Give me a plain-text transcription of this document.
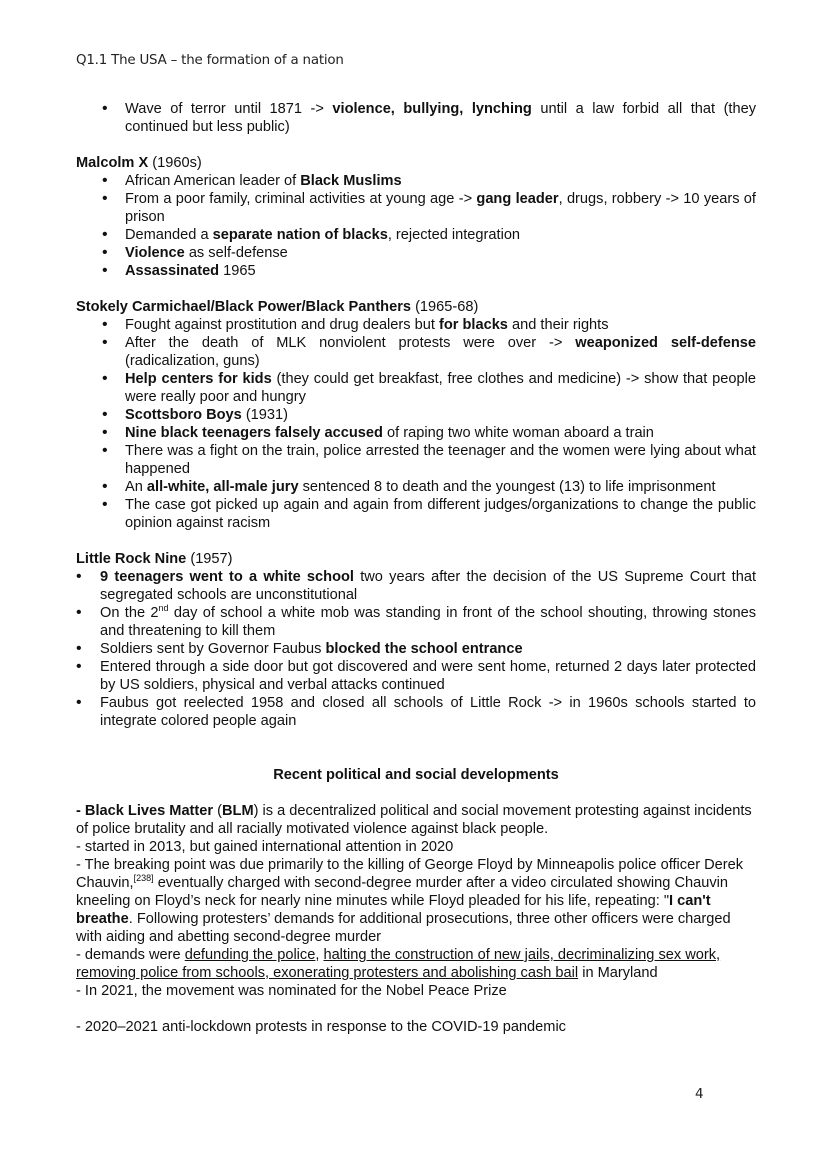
Q1.1 The USA – the formation of a nation
• Wave of terror until 1871 -> violence, bullying, lynching until a law forbid all that (they continued but less public)

Malcolm X (1960s)

• African American leader of Black Muslims
• From a poor family, criminal activities at young age -> gang leader, drugs, robbery -> 10 years of prison
• Demanded a separate nation of blacks, rejected integration
• Violence as self-defense
• Assassinated 1965

Stokely Carmichael/Black Power/Black Panthers (1965-68)

• Fought against prostitution and drug dealers but for blacks and their rights
• After the death of MLK nonviolent protests were over -> weaponized self-defense (radicalization, guns)
• Help centers for kids (they could get breakfast, free clothes and medicine) -> show that people were really poor and hungry
• Scottsboro Boys (1931)
• Nine black teenagers falsely accused of raping two white woman aboard a train
• There was a fight on the train, police arrested the teenager and the women were lying about what happened
• An all-white, all-male jury sentenced 8 to death and the youngest (13) to life imprisonment
• The case got picked up again and again from different judges/organizations to change the public opinion against racism

Little Rock Nine (1957)

• 9 teenagers went to a white school two years after the decision of the US Supreme Court that segregated schools are unconstitutional
• On the 2nd day of school a white mob was standing in front of the school shouting, throwing stones and threatening to kill them
• Soldiers sent by Governor Faubus blocked the school entrance
• Entered through a side door but got discovered and were sent home, returned 2 days later protected by US soldiers, physical and verbal attacks continued
• Faubus got reelected 1958 and closed all schools of Little Rock -> in 1960s schools started to integrate colored people again

Recent political and social developments

- Black Lives Matter (BLM) is a decentralized political and social movement protesting against incidents of police brutality and all racially motivated violence against black people.

- started in 2013, but gained international attention in 2020

- The breaking point was due primarily to the killing of George Floyd by Minneapolis police officer Derek Chauvin,[238] eventually charged with second-degree murder after a video circulated showing Chauvin kneeling on Floyd’s neck for nearly nine minutes while Floyd pleaded for his life, repeating: "I can't breathe. Following protesters’ demands for additional prosecutions, three other officers were charged with aiding and abetting second-degree murder

- demands were defunding the police, halting the construction of new jails, decriminalizing sex work, removing police from schools, exonerating protesters and abolishing cash bail in Maryland

- In 2021, the movement was nominated for the Nobel Peace Prize

- 2020–2021 anti-lockdown protests in response to the COVID-19 pandemic

4
